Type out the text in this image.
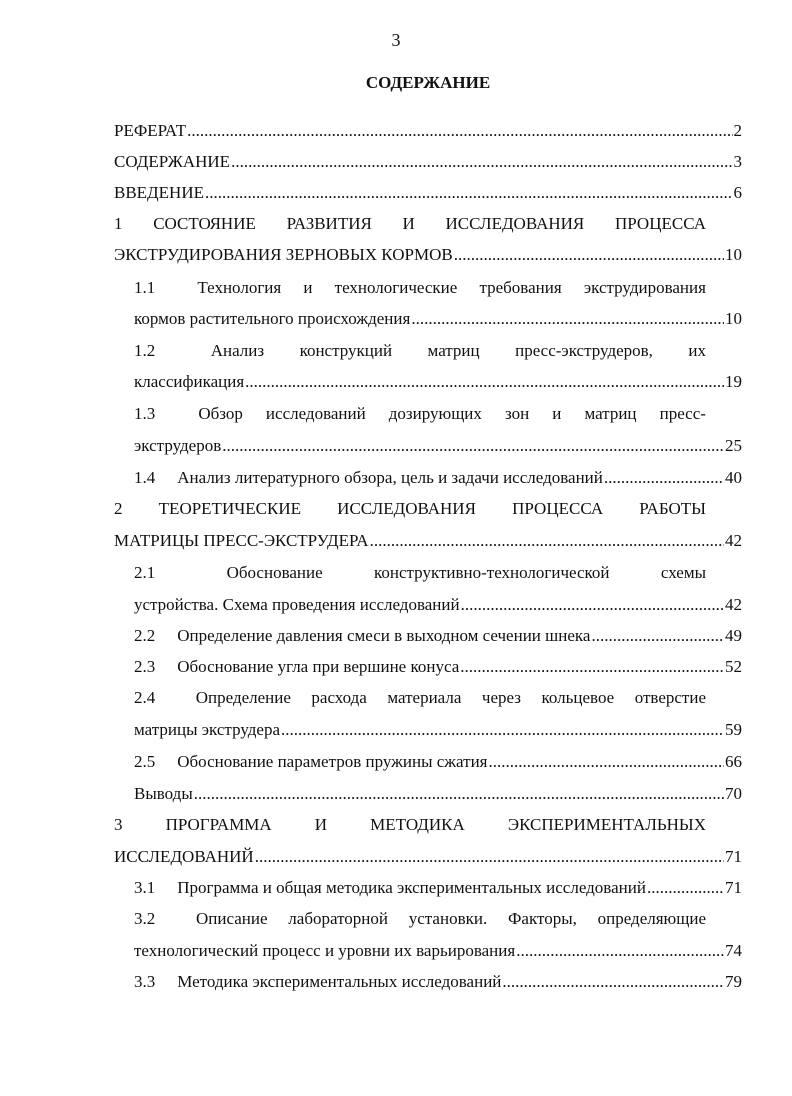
3
СОДЕРЖАНИЕ
РЕФЕРАТ .....	2
СОДЕРЖАНИЕ .....	3
ВВЕДЕНИЕ .....	6
1 СОСТОЯНИЕ РАЗВИТИЯ И ИССЛЕДОВАНИЯ ПРОЦЕССА
ЭКСТРУДИРОВАНИЯ ЗЕРНОВЫХ КОРМОВ .....	10
1.1 Технология и технологические требования экструдирования
кормов растительного происхождения .....	10
1.2	Анализ конструкций матриц пресс-экструдеров, их
классификация .....	19
1.3	Обзор исследований дозирующих зон и матриц пресс-
экструдеров .....	25
1.4 Анализ литературного обзора, цель и задачи исследований .....	40
2 ТЕОРЕТИЧЕСКИЕ ИССЛЕДОВАНИЯ ПРОЦЕССА РАБОТЫ
МАТРИЦЫ ПРЕСС-ЭКСТРУДЕРА .....	42
2.1	Обоснование	конструктивно-технологической	схемы
устройства. Схема проведения исследований .....	42
2.2 Определение давления смеси в выходном сечении шнека .....	49
2.3 Обоснование угла при вершине конуса .....	52
2.4 Определение расхода материала через кольцевое отверстие
матрицы экструдера .....	59
2.5 Обоснование параметров пружины сжатия .....	66
Выводы .....	70
3	ПРОГРАММА	И	МЕТОДИКА	ЭКСПЕРИМЕНТАЛЬНЫХ
ИССЛЕДОВАНИЙ .....	71
3.1 Программа и общая методика экспериментальных исследований .....	71
3.2 Описание лабораторной установки. Факторы, определяющие
технологический процесс и уровни их варьирования .....	74
3.3 Методика экспериментальных исследований .....	79
